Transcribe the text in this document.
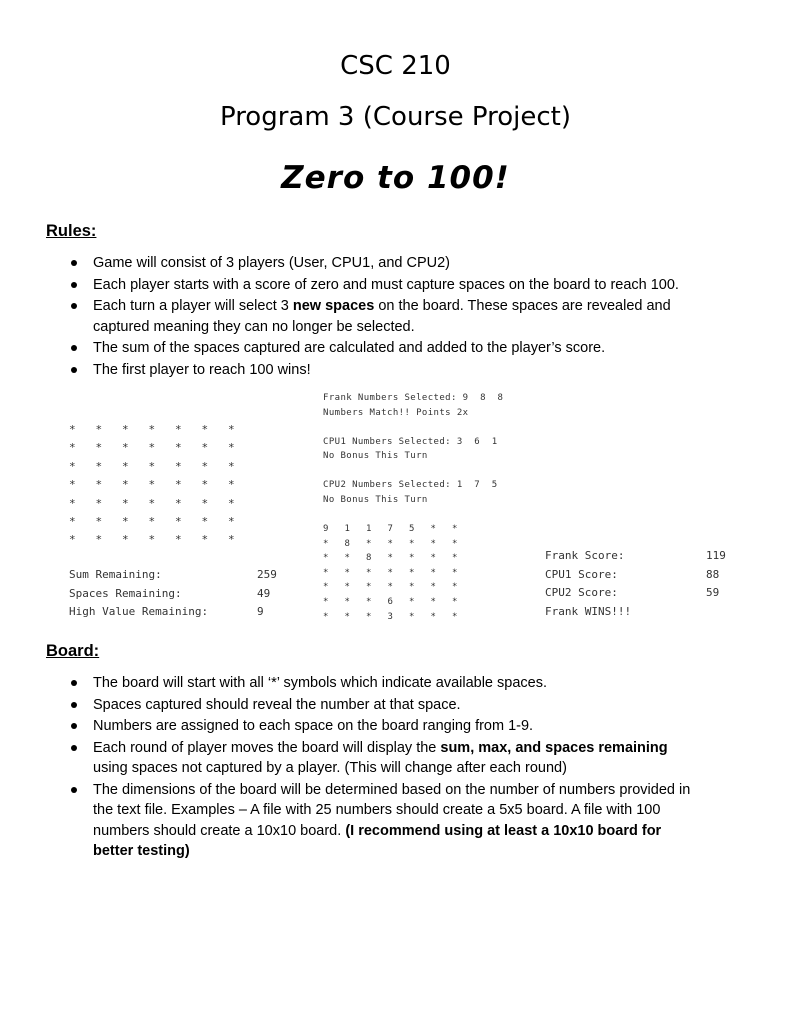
CSC 210
Program 3 (Course Project)
Zero to 100!
Rules:
Game will consist of 3 players (User, CPU1, and CPU2)
Each player starts with a score of zero and must capture spaces on the board to reach 100.
Each turn a player will select 3 new spaces on the board. These spaces are revealed and captured meaning they can no longer be selected.
The sum of the spaces captured are calculated and added to the player’s score.
The first player to reach 100 wins!
*	*	*	*	*	*	*
*	*	*	*	*	*	*
*	*	*	*	*	*	*
*	*	*	*	*	*	*
*	*	*	*	*	*	*
*	*	*	*	*	*	*
*	*	*	*	*	*	*
Sum Remaining:	259
Spaces Remaining:	49
High Value Remaining:	9
Frank Numbers Selected: 9  8  8
Numbers Match!! Points 2x

CPU1 Numbers Selected: 3  6  1
No Bonus This Turn

CPU2 Numbers Selected: 1  7  5
No Bonus This Turn
9	1	1	7	5	*	*
*	8	*	*	*	*	*
*	*	8	*	*	*	*
*	*	*	*	*	*	*
*	*	*	*	*	*	*
*	*	*	6	*	*	*
*	*	*	3	*	*	*
Frank Score:	119
CPU1 Score:	88
CPU2 Score:	59
Frank WINS!!!
Board:
The board will start with all ‘*’ symbols which indicate available spaces.
Spaces captured should reveal the number at that space.
Numbers are assigned to each space on the board ranging from 1-9.
Each round of player moves the board will display the sum, max, and spaces remaining using spaces not captured by a player. (This will change after each round)
The dimensions of the board will be determined based on the number of numbers provided in the text file. Examples – A file with 25 numbers should create a 5x5 board. A file with 100 numbers should create a 10x10 board. (I recommend using at least a 10x10 board for better testing)
